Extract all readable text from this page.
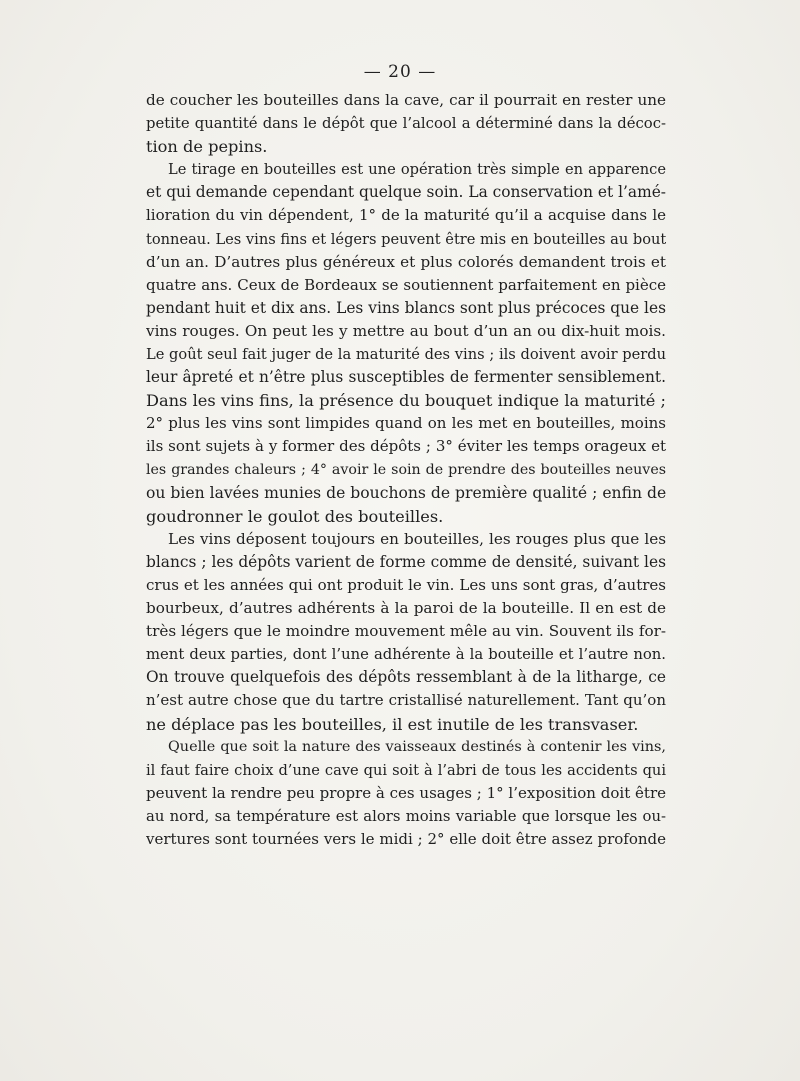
— 20 —
de coucher les bouteilles dans la cave, car il pourrait en rester une
petite quantité dans le dépôt que l’alcool a déterminé dans la décoc-
tion de pepins.
Le tirage en bouteilles est une opération très simple en apparence
et qui demande cependant quelque soin. La conservation et l’amé-
lioration du vin dépendent, 1° de la maturité qu’il a acquise dans le
tonneau. Les vins fins et légers peuvent être mis en bouteilles au bout
d’un an. D’autres plus généreux et plus colorés demandent trois et
quatre ans. Ceux de Bordeaux se soutiennent parfaitement en pièce
pendant huit et dix ans. Les vins blancs sont plus précoces que les
vins rouges. On peut les y mettre au bout d’un an ou dix-huit mois.
Le goût seul fait juger de la maturité des vins ; ils doivent avoir perdu
leur âpreté et n’être plus susceptibles de fermenter sensiblement.
Dans les vins fins, la présence du bouquet indique la maturité ;
2° plus les vins sont limpides quand on les met en bouteilles, moins
ils sont sujets à y former des dépôts ; 3° éviter les temps orageux et
les grandes chaleurs ; 4° avoir le soin de prendre des bouteilles neuves
ou bien lavées munies de bouchons de première qualité ; enfin de
goudronner le goulot des bouteilles.
Les vins déposent toujours en bouteilles, les rouges plus que les
blancs ; les dépôts varient de forme comme de densité, suivant les
crus et les années qui ont produit le vin. Les uns sont gras, d’autres
bourbeux, d’autres adhérents à la paroi de la bouteille. Il en est de
très légers que le moindre mouvement mêle au vin. Souvent ils for-
ment deux parties, dont l’une adhérente à la bouteille et l’autre non.
On trouve quelquefois des dépôts ressemblant à de la litharge, ce
n’est autre chose que du tartre cristallisé naturellement. Tant qu’on
ne déplace pas les bouteilles, il est inutile de les transvaser.
Quelle que soit la nature des vaisseaux destinés à contenir les vins,
il faut faire choix d’une cave qui soit à l’abri de tous les accidents qui
peuvent la rendre peu propre à ces usages ; 1° l’exposition doit être
au nord, sa température est alors moins variable que lorsque les ou-
vertures sont tournées vers le midi ; 2° elle doit être assez profonde
